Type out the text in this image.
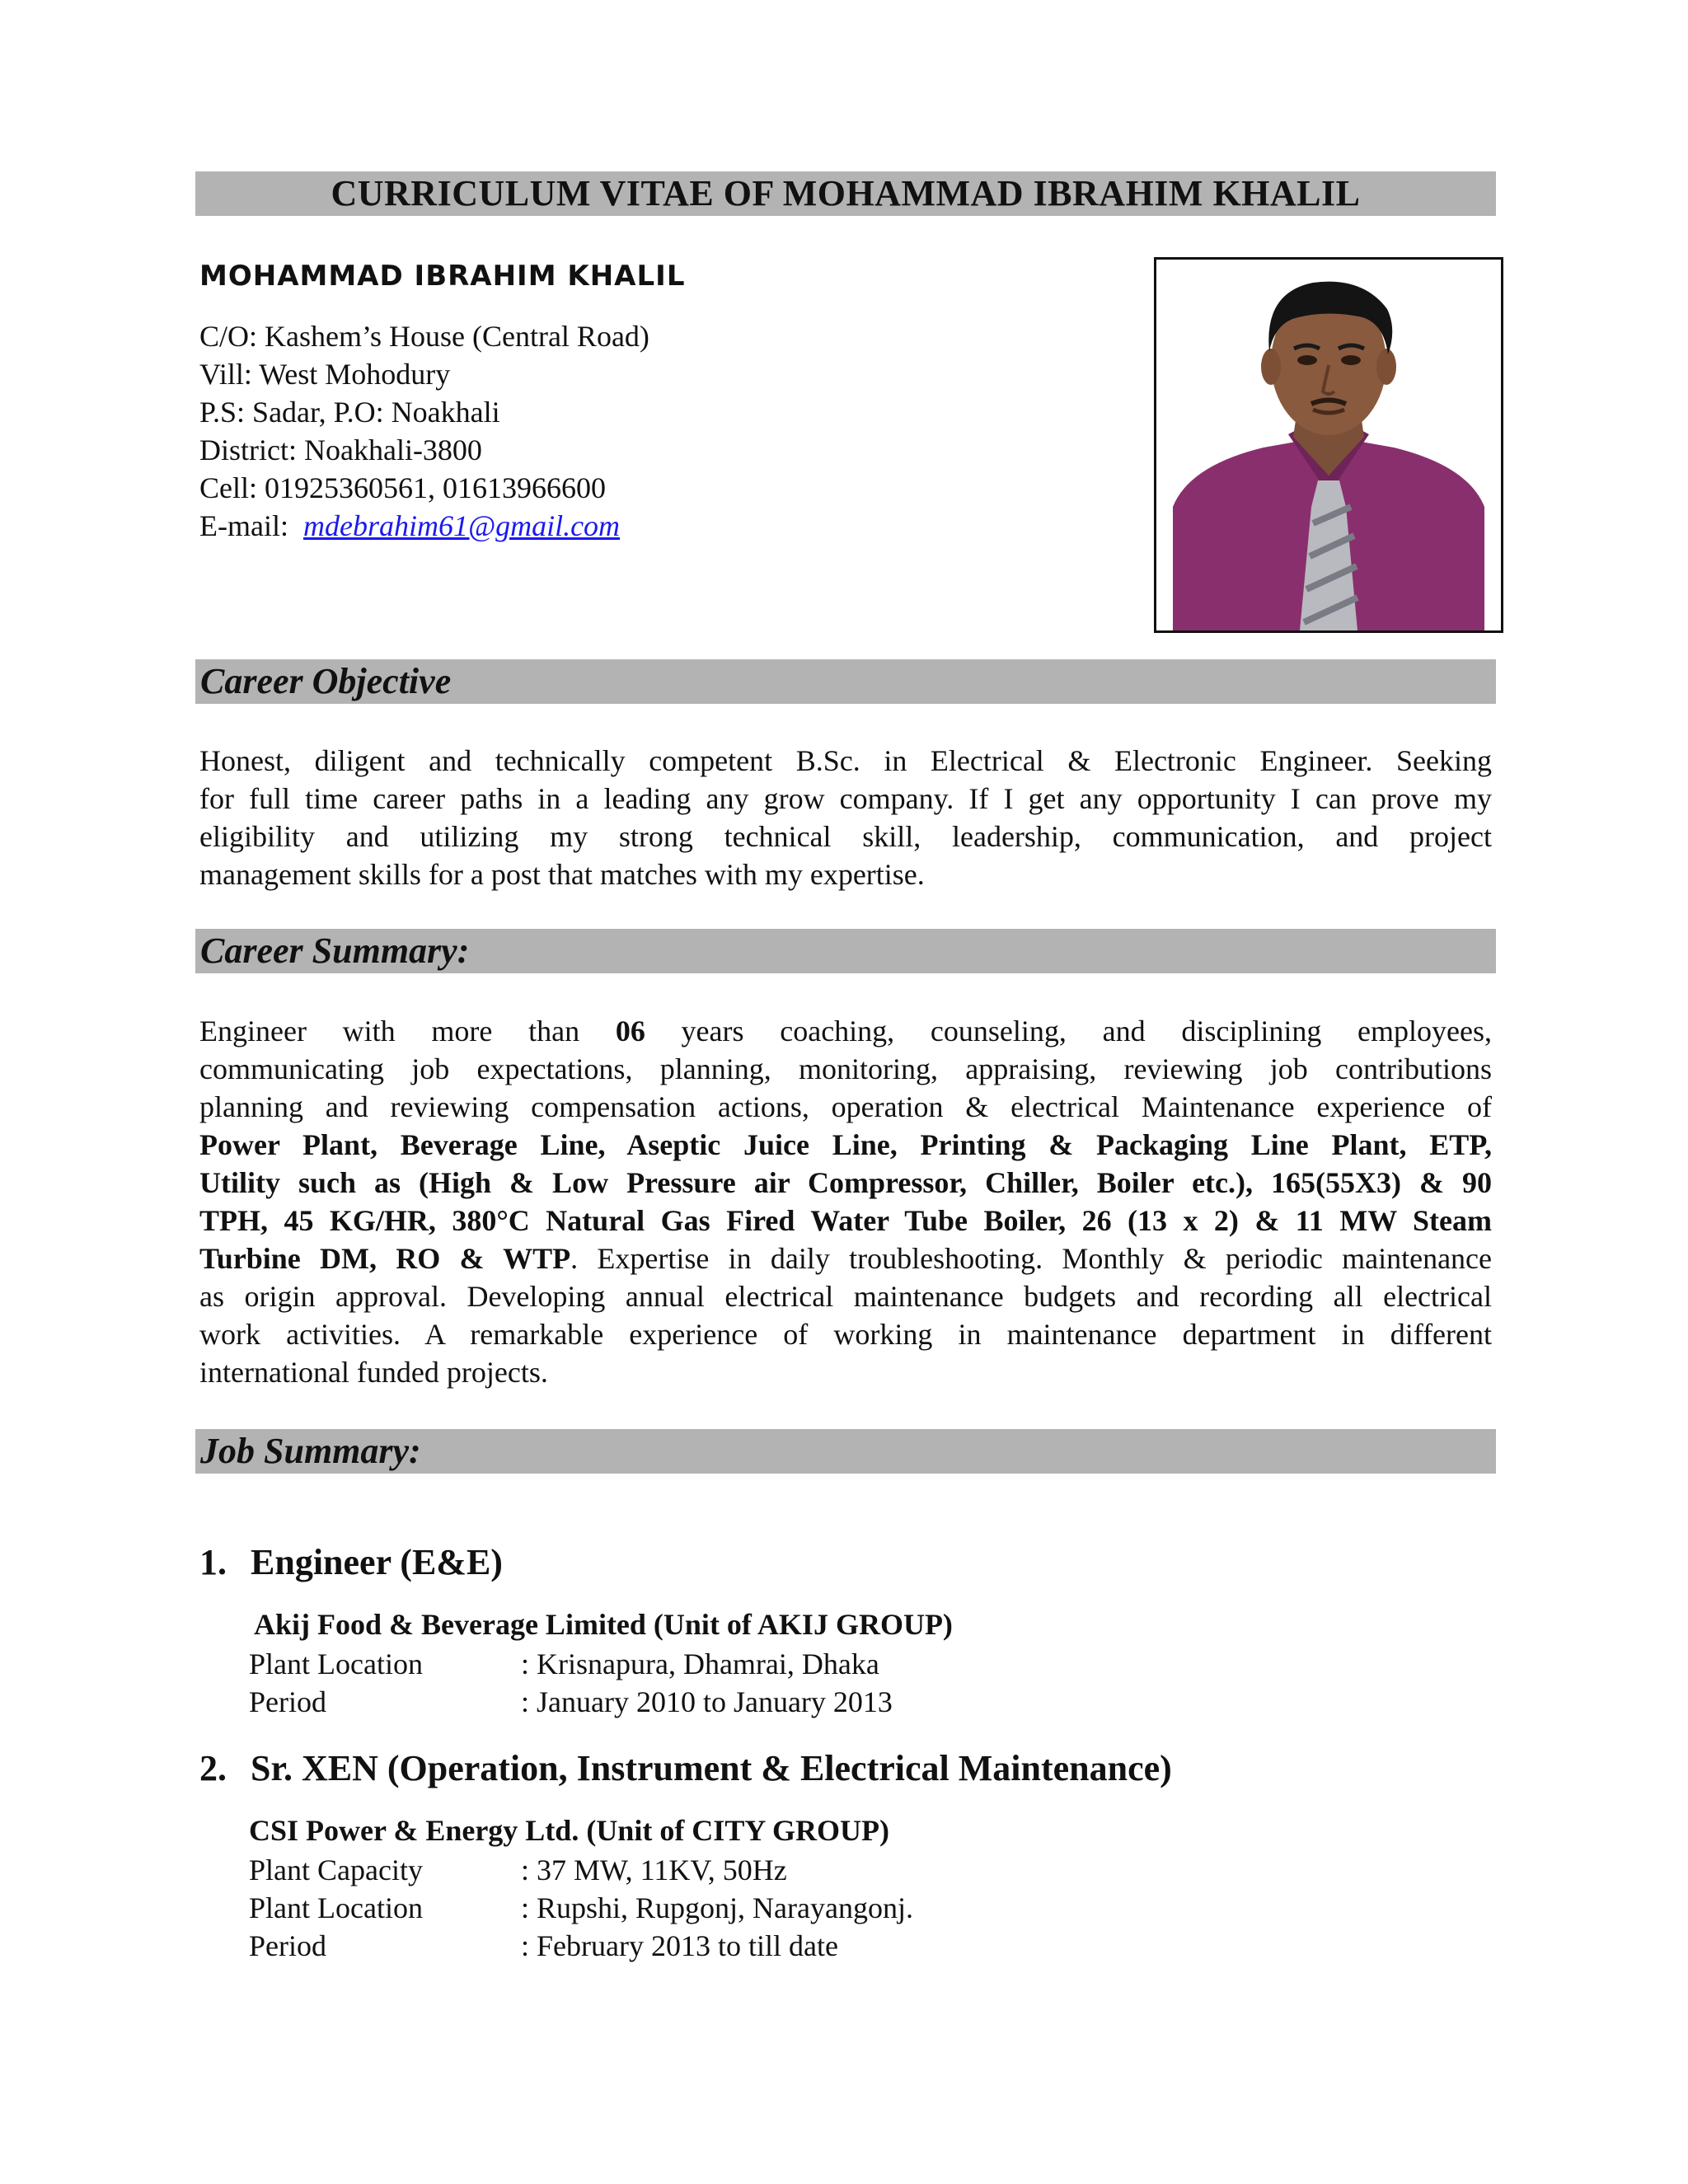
CURRICULUM VITAE OF MOHAMMAD IBRAHIM KHALIL
MOHAMMAD IBRAHIM KHALIL
C/O: Kashem’s House (Central Road)
Vill: West Mohodury
P.S: Sadar, P.O: Noakhali
District: Noakhali-3800
Cell: 01925360561, 01613966600
E-mail: mdebrahim61@gmail.com
Career Objective
Honest, diligent and technically competent B.Sc. in Electrical & Electronic Engineer. Seeking
for full time career paths in a leading any grow company. If I get any opportunity I can prove my
eligibility and utilizing my strong technical skill, leadership, communication, and project
management skills for a post that matches with my expertise.
Career Summary:
Engineer with more than 06 years coaching, counseling, and disciplining employees,
communicating job expectations, planning, monitoring, appraising, reviewing job contributions
planning and reviewing compensation actions, operation & electrical Maintenance experience of
Power Plant, Beverage Line, Aseptic Juice Line, Printing & Packaging Line Plant, ETP,
Utility such as (High & Low Pressure air Compressor, Chiller, Boiler etc.), 165(55X3) & 90
TPH, 45 KG/HR, 380°C Natural Gas Fired Water Tube Boiler, 26 (13 x 2) & 11 MW Steam
Turbine DM, RO & WTP. Expertise in daily troubleshooting. Monthly & periodic maintenance
as origin approval. Developing annual electrical maintenance budgets and recording all electrical
work activities. A remarkable experience of working in maintenance department in different
international funded projects.
Job Summary:
1. Engineer (E&E)
Akij Food & Beverage Limited (Unit of AKIJ GROUP)
Plant Location	: Krisnapura, Dhamrai, Dhaka
Period	: January 2010 to January 2013
2. Sr. XEN (Operation, Instrument & Electrical Maintenance)
CSI Power & Energy Ltd. (Unit of CITY GROUP)
Plant Capacity	: 37 MW, 11KV, 50Hz
Plant Location	: Rupshi, Rupgonj, Narayangonj.
Period	: February 2013 to till date
